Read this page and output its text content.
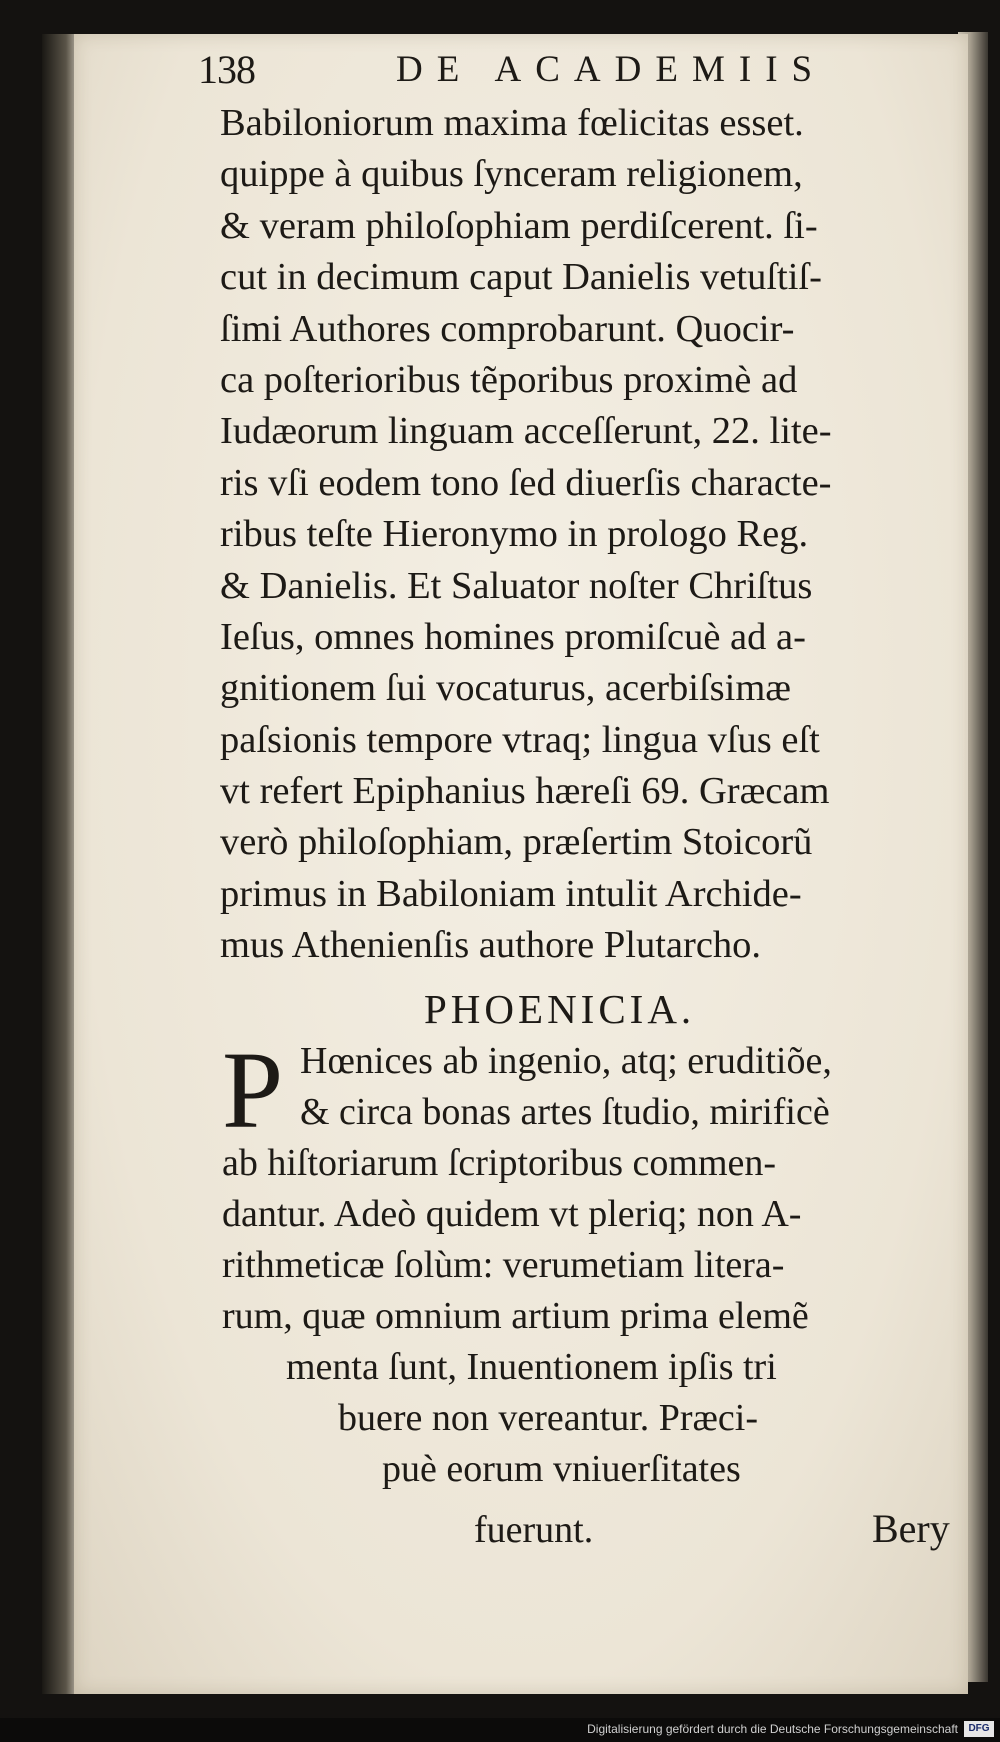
138	DE ACADEMIIS
Babiloniorum maxima fœlicitas esset.
quippe à quibus ſynceram religionem,
& veram philoſophiam perdiſcerent. ſi-
cut in decimum caput Danielis vetuſtiſ-
ſimi Authores comprobarunt. Quocir-
ca poſterioribus tẽporibus proximè ad
Iudæorum linguam acceſſerunt, 22. lite-
ris vſi eodem tono ſed diuerſis characte-
ribus teſte Hieronymo in prologo Reg.
& Danielis. Et Saluator noſter Chriſtus
Ieſus, omnes homines promiſcuè ad a-
gnitionem ſui vocaturus, acerbiſsimæ
paſsionis tempore vtraq; lingua vſus eſt
vt refert Epiphanius hæreſi 69. Græcam
verò philoſophiam, præſertim Stoicorũ
primus in Babiloniam intulit Archide-
mus Athenienſis authore Plutarcho.
PHOENICIA.
P Hœnices ab ingenio, atq; eruditiõe,
& circa bonas artes ſtudio, mirificè
ab hiſtoriarum ſcriptoribus commen-
dantur. Adeò quidem vt pleriq; non A-
rithmeticæ ſolùm: verumetiam litera-
rum, quæ omnium artium prima elemẽ
menta ſunt, Inuentionem ipſis tri
buere non vereantur. Præci-
puè eorum vniuerſitates
fuerunt.	Bery
Digitalisierung gefördert durch die Deutsche Forschungsgemeinschaft	DFG
